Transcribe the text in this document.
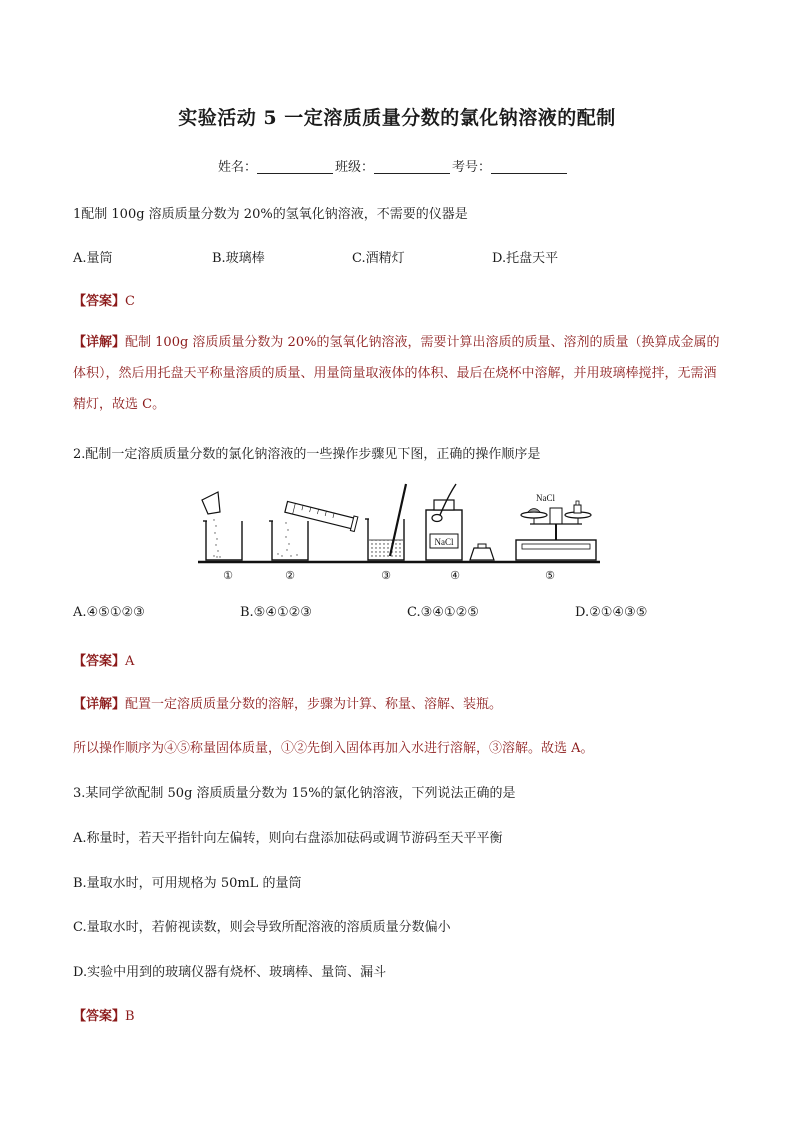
实验活动 5 一定溶质质量分数的氯化钠溶液的配制
姓名：	班级：	考号：
1配制 100g 溶质质量分数为 20%的氢氧化钠溶液，不需要的仪器是
A.量筒	B.玻璃棒	C.酒精灯	D.托盘天平
【答案】C
【详解】配制 100g 溶质质量分数为 20%的氢氧化钠溶液，需要计算出溶质的质量、溶剂的质量（换算成金属的体积），然后用托盘天平称量溶质的质量、用量筒量取液体的体积、最后在烧杯中溶解，并用玻璃棒搅拌，无需酒精灯，故选 C。
2.配制一定溶质质量分数的氯化钠溶液的一些操作步骤见下图，正确的操作顺序是
NaCl
NaCl
①	②	③	④	⑤
A.④⑤①②③	B.⑤④①②③	C.③④①②⑤	D.②①④③⑤
【答案】A
【详解】配置一定溶质质量分数的溶解，步骤为计算、称量、溶解、装瓶。
所以操作顺序为④⑤称量固体质量，①②先倒入固体再加入水进行溶解，③溶解。故选 A。
3.某同学欲配制 50g 溶质质量分数为 15%的氯化钠溶液，下列说法正确的是
A.称量时，若天平指针向左偏转，则向右盘添加砝码或调节游码至天平平衡
B.量取水时，可用规格为 50mL 的量筒
C.量取水时，若俯视读数，则会导致所配溶液的溶质质量分数偏小
D.实验中用到的玻璃仪器有烧杯、玻璃棒、量筒、漏斗
【答案】B
